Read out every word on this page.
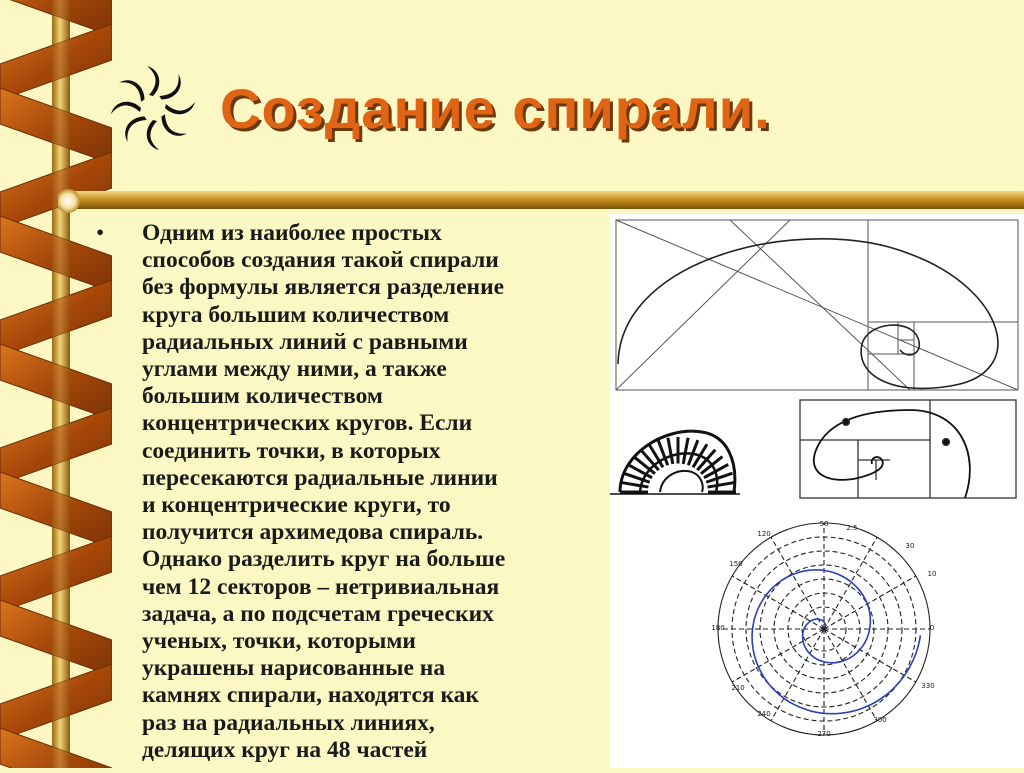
Создание спирали.
•	Одним из наиболее простых
способов создания такой спирали
без формулы является разделение
круга большим количеством
радиальных линий с равными
углами между ними, а также
большим количеством
концентрических кругов. Если
соединить точки, в которых
пересекаются радиальные линии
и концентрические круги, то
получится архимедова спираль.
Однако разделить круг на больше
чем 12 секторов – нетривиальная
задача, а по подсчетам греческих
ученых, точки, которыми
украшены нарисованные на
камнях спирали, находятся как
раз на радиальных линиях,
делящих круг на 48 частей
50	2.5
120
30
150
10
180	0
210	330
240
300
270
